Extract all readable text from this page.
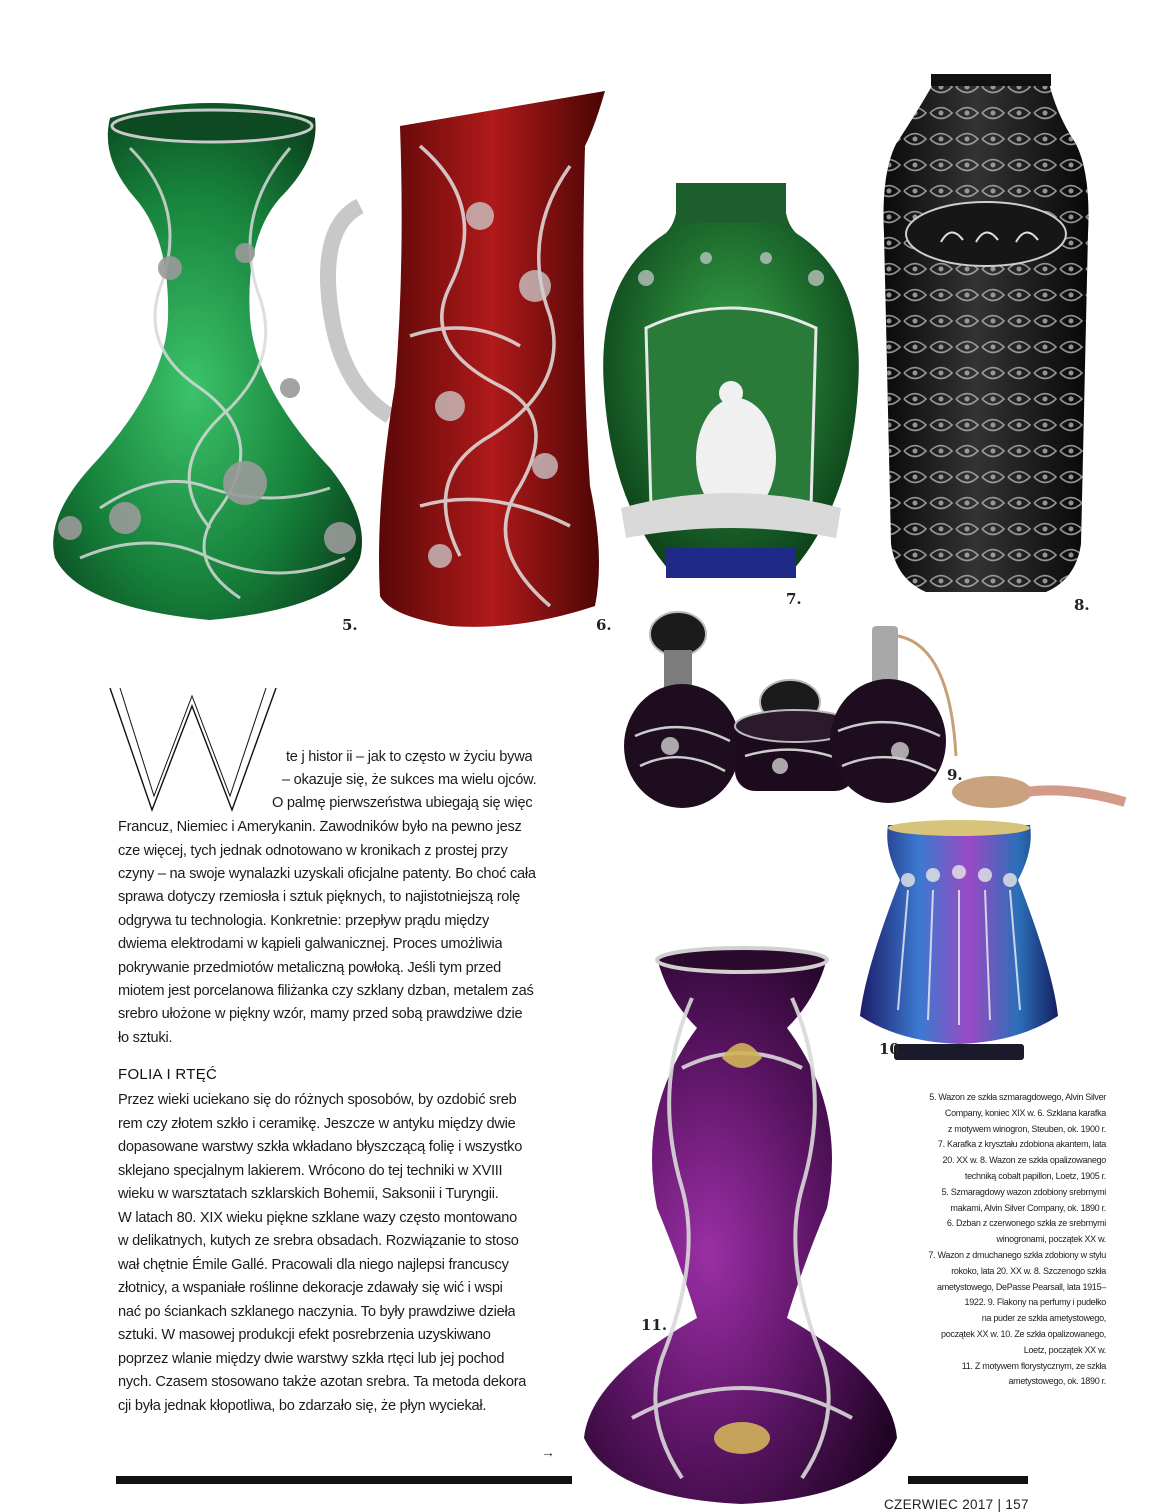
5.	6.
7.	8.
9.
10.
11.
te j histor ii – jak to często w życiu bywa
– okazuje się, że sukces ma wielu ojców.
O palmę pierwszeństwa ubiegają się więc
Francuz, Niemiec i Amerykanin. Zawodników było na pewno jesz
cze więcej, tych jednak odnotowano w kronikach z prostej przy
czyny – na swoje wynalazki uzyskali oficjalne patenty. Bo choć cała
sprawa dotyczy rzemiosła i sztuk pięknych, to najistotniejszą rolę
odgrywa tu technologia. Konkretnie: przepływ prądu między
dwiema elektrodami w kąpieli galwanicznej. Proces umożliwia
pokrywanie przedmiotów metaliczną powłoką. Jeśli tym przed
miotem jest porcelanowa filiżanka czy szklany dzban, metalem zaś
srebro ułożone w piękny wzór, mamy przed sobą prawdziwe dzie
ło sztuki.
FOLIA I RTĘĆ
Przez wieki uciekano się do różnych sposobów, by ozdobić sreb
rem czy złotem szkło i ceramikę. Jeszcze w antyku między dwie
dopasowane warstwy szkła wkładano błyszczącą folię i wszystko
sklejano specjalnym lakierem. Wrócono do tej techniki w XVIII
wieku w warsztatach szklarskich Bohemii, Saksonii i Turyngii.
W latach 80. XIX wieku piękne szklane wazy często montowano
w delikatnych, kutych ze srebra obsadach. Rozwiązanie to stoso
wał chętnie Émile Gallé. Pracowali dla niego najlepsi francuscy
złotnicy, a wspaniałe roślinne dekoracje zdawały się wić i wspi
nać po ściankach szklanego naczynia. To były prawdziwe dzieła
sztuki. W masowej produkcji efekt posrebrzenia uzyskiwano
poprzez wlanie między dwie warstwy szkła rtęci lub jej pochod
nych. Czasem stosowano także azotan srebra. Ta metoda dekora
cji była jednak kłopotliwa, bo zdarzało się, że płyn wyciekał.
→
5. Wazon ze szkła szmaragdowego, Alvin Silver
Company, koniec XIX w. 6. Szklana karafka
z motywem winogron, Steuben, ok. 1900 r.
7. Karafka z kryształu zdobiona akantem, lata
20. XX w. 8. Wazon ze szkła opalizowanego
techniką cobalt papillon, Loetz, 1905 r.
5. Szmaragdowy wazon zdobiony srebrnymi
makami, Alvin Silver Company, ok. 1890 r.
6. Dzban z czerwonego szkła ze srebrnymi
winogronami, początek XX w.
7. Wazon z dmuchanego szkła zdobiony w stylu
rokoko, lata 20. XX w. 8. Szczenogo szkła
ametystowego, DePasse Pearsall, lata 1915–
1922. 9. Flakony na perfumy i pudełko
na puder ze szkła ametystowego,
początek XX w. 10. Ze szkła opalizowanego,
Loetz, początek XX w.
11. Z motywem florystycznym, ze szkła
ametystowego, ok. 1890 r.
CZERWIEC 2017 | 157
